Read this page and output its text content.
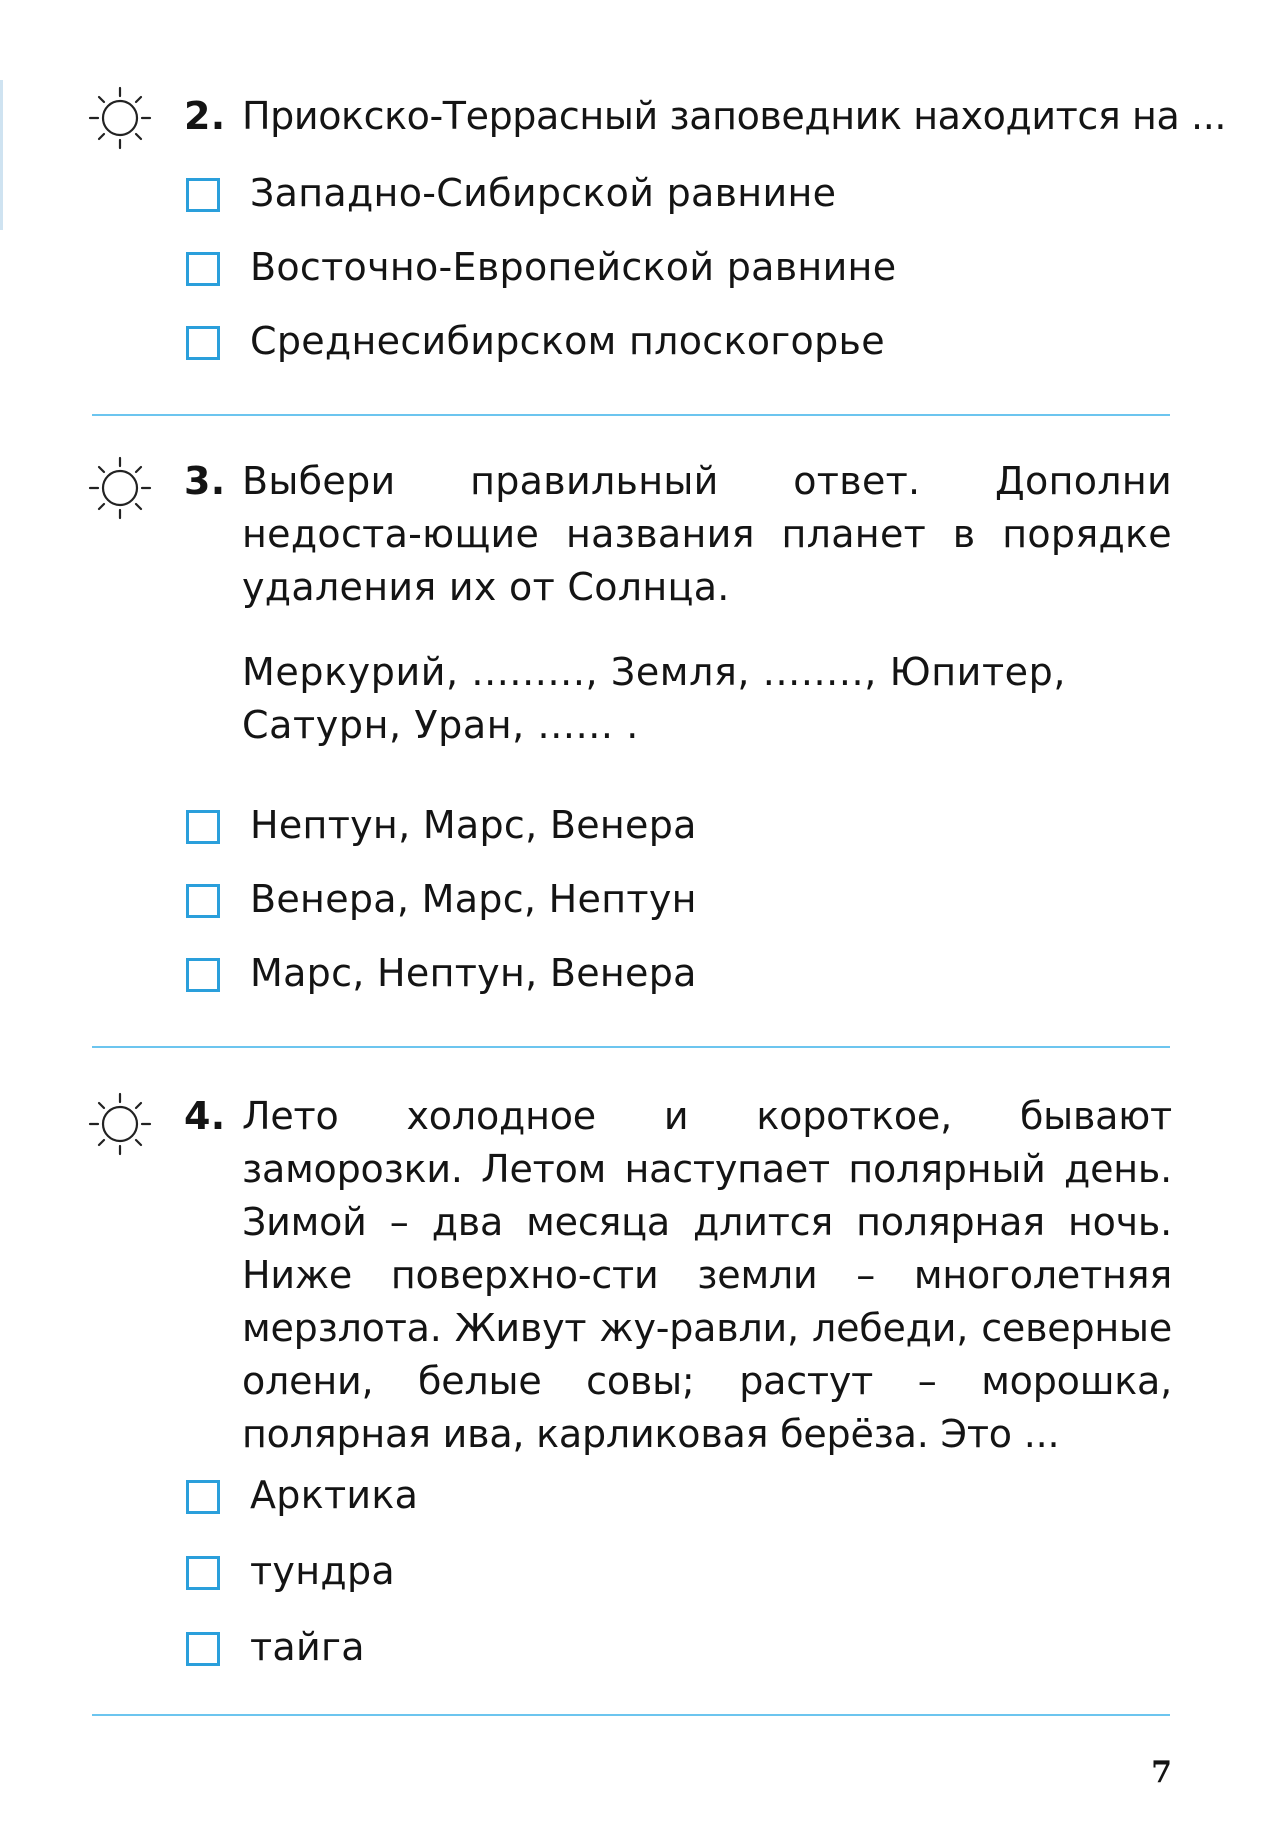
2. Приокско-Террасный заповедник находится на ...
Западно-Сибирской равнине
Восточно-Европейской равнине
Среднесибирском плоскогорье
3. Выбери правильный ответ. Дополни недоста-ющие названия планет в порядке удаления их от Солнца.
Меркурий, ........., Земля, ........, Юпитер,
Сатурн, Уран, ...... .
Нептун, Марс, Венера
Венера, Марс, Нептун
Марс, Нептун, Венера
4. Лето холодное и короткое, бывают заморозки. Летом наступает полярный день. Зимой – два месяца длится полярная ночь. Ниже поверхно-сти земли – многолетняя мерзлота. Живут жу-равли, лебеди, северные олени, белые совы; растут – морошка, полярная ива, карликовая берёза. Это ...
Арктика
тундра
тайга
7
